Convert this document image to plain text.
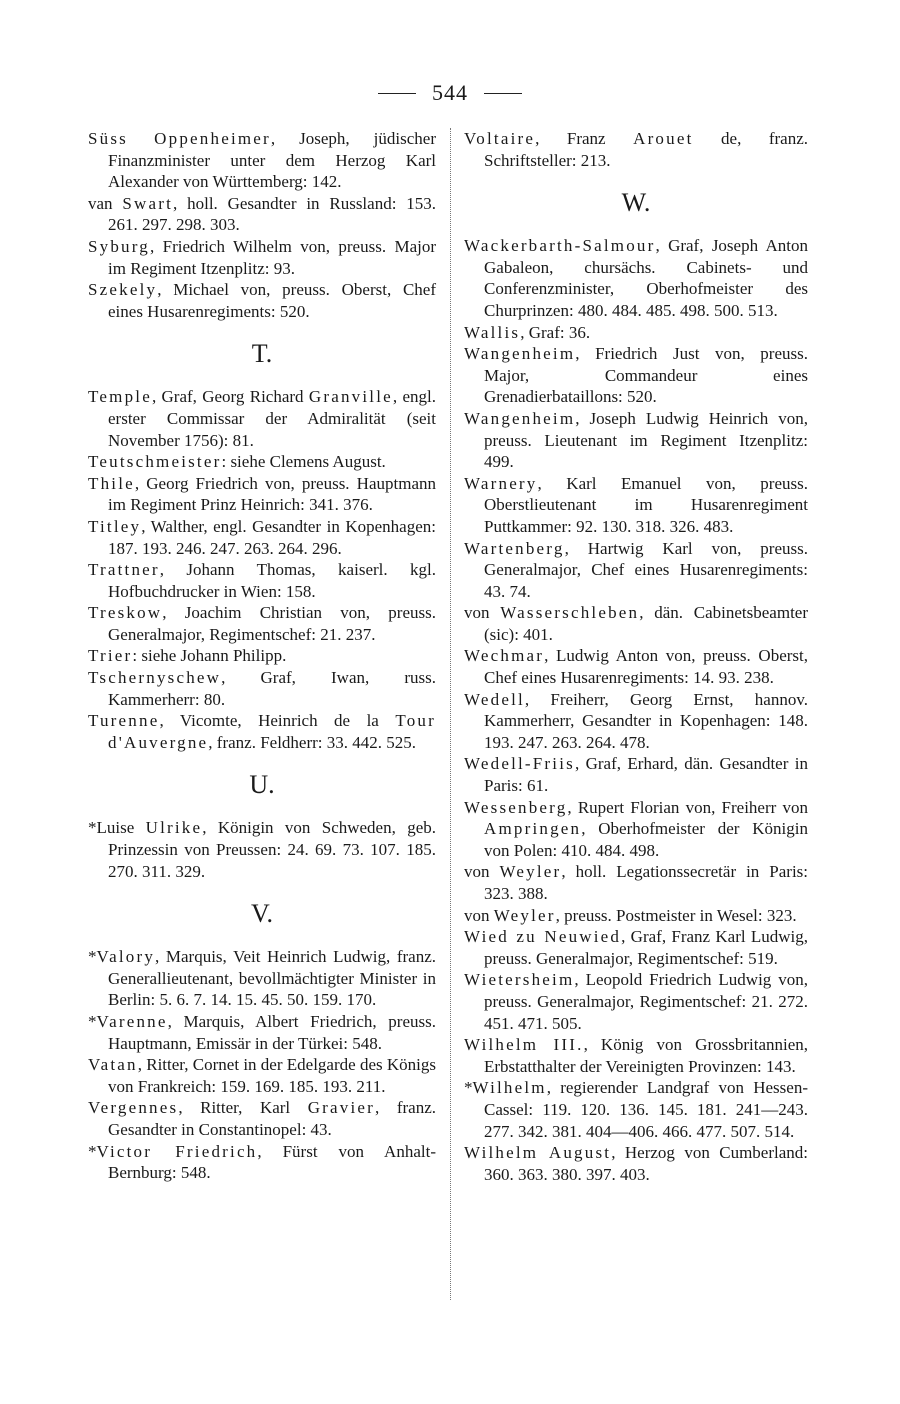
544

Süss Oppenheimer, Joseph, jüdischer Finanzminister unter dem Herzog Karl Alexander von Württemberg: 142.

van Swart, holl. Gesandter in Russland: 153. 261. 297. 298. 303.

Syburg, Friedrich Wilhelm von, preuss. Major im Regiment Itzenplitz: 93.

Szekely, Michael von, preuss. Oberst, Chef eines Husarenregiments: 520.

T.

Temple, Graf, Georg Richard Granville, engl. erster Commissar der Admiralität (seit November 1756): 81.

Teutschmeister: siehe Clemens August.

Thile, Georg Friedrich von, preuss. Hauptmann im Regiment Prinz Heinrich: 341. 376.

Titley, Walther, engl. Gesandter in Kopenhagen: 187. 193. 246. 247. 263. 264. 296.

Trattner, Johann Thomas, kaiserl. kgl. Hofbuchdrucker in Wien: 158.

Treskow, Joachim Christian von, preuss. Generalmajor, Regimentschef: 21. 237.

Trier: siehe Johann Philipp.

Tschernyschew, Graf, Iwan, russ. Kammerherr: 80.

Turenne, Vicomte, Heinrich de la Tour d'Auvergne, franz. Feldherr: 33. 442. 525.

U.

*Luise Ulrike, Königin von Schweden, geb. Prinzessin von Preussen: 24. 69. 73. 107. 185. 270. 311. 329.

V.

*Valory, Marquis, Veit Heinrich Ludwig, franz. Generallieutenant, bevollmächtigter Minister in Berlin: 5. 6. 7. 14. 15. 45. 50. 159. 170.

*Varenne, Marquis, Albert Friedrich, preuss. Hauptmann, Emissär in der Türkei: 548.

Vatan, Ritter, Cornet in der Edelgarde des Königs von Frankreich: 159. 169. 185. 193. 211.

Vergennes, Ritter, Karl Gravier, franz. Gesandter in Constantinopel: 43.

*Victor Friedrich, Fürst von Anhalt-Bernburg: 548.

Voltaire, Franz Arouet de, franz. Schriftsteller: 213.

W.

Wackerbarth-Salmour, Graf, Joseph Anton Gabaleon, chursächs. Cabinets- und Conferenzminister, Oberhofmeister des Churprinzen: 480. 484. 485. 498. 500. 513.

Wallis, Graf: 36.

Wangenheim, Friedrich Just von, preuss. Major, Commandeur eines Grenadierbataillons: 520.

Wangenheim, Joseph Ludwig Heinrich von, preuss. Lieutenant im Regiment Itzenplitz: 499.

Warnery, Karl Emanuel von, preuss. Oberstlieutenant im Husarenregiment Puttkammer: 92. 130. 318. 326. 483.

Wartenberg, Hartwig Karl von, preuss. Generalmajor, Chef eines Husarenregiments: 43. 74.

von Wasserschleben, dän. Cabinetsbeamter (sic): 401.

Wechmar, Ludwig Anton von, preuss. Oberst, Chef eines Husarenregiments: 14. 93. 238.

Wedell, Freiherr, Georg Ernst, hannov. Kammerherr, Gesandter in Kopenhagen: 148. 193. 247. 263. 264. 478.

Wedell-Friis, Graf, Erhard, dän. Gesandter in Paris: 61.

Wessenberg, Rupert Florian von, Freiherr von Ampringen, Oberhofmeister der Königin von Polen: 410. 484. 498.

von Weyler, holl. Legationssecretär in Paris: 323. 388.

von Weyler, preuss. Postmeister in Wesel: 323.

Wied zu Neuwied, Graf, Franz Karl Ludwig, preuss. Generalmajor, Regimentschef: 519.

Wietersheim, Leopold Friedrich Ludwig von, preuss. Generalmajor, Regimentschef: 21. 272. 451. 471. 505.

Wilhelm III., König von Grossbritannien, Erbstatthalter der Vereinigten Provinzen: 143.

*Wilhelm, regierender Landgraf von Hessen-Cassel: 119. 120. 136. 145. 181. 241—243. 277. 342. 381. 404—406. 466. 477. 507. 514.

Wilhelm August, Herzog von Cumberland: 360. 363. 380. 397. 403.
